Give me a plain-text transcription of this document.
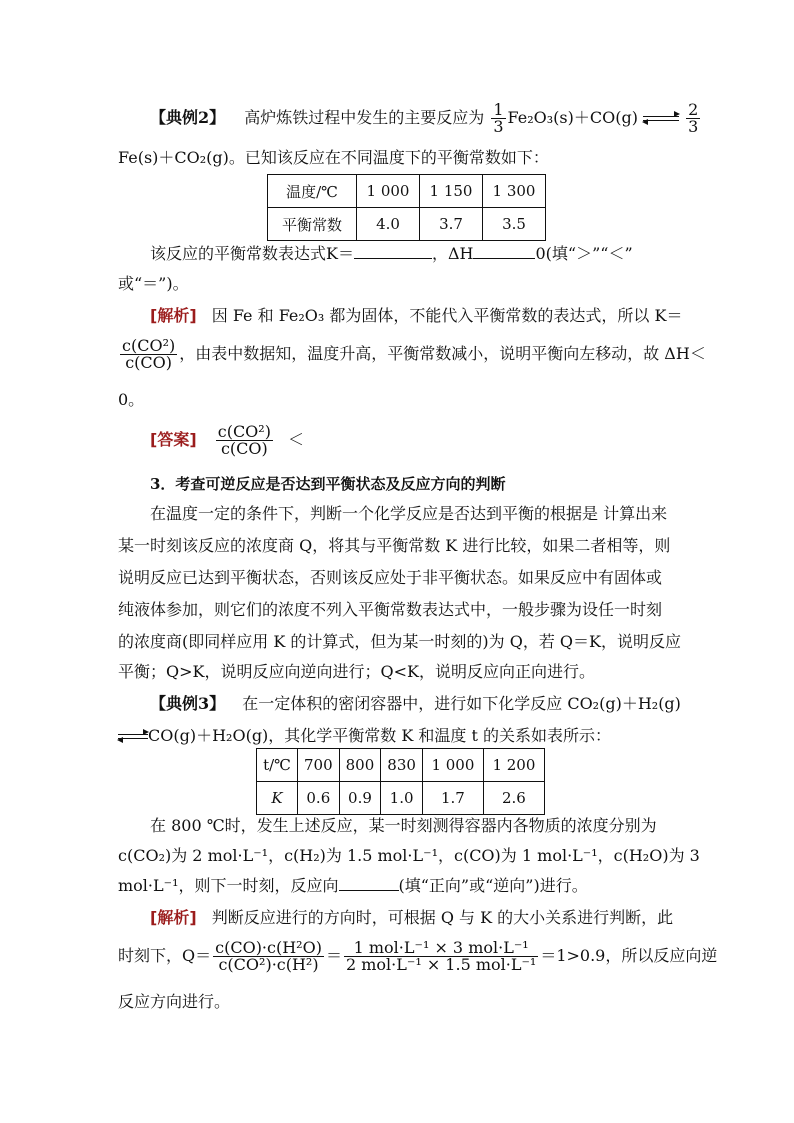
【典例2】 高炉炼铁过程中发生的主要反应为 $\frac{1}{3} Fe_2O_3(s)+CO(g)$
	$\frac{2}{3}$
Fe(s)＋CO₂(g)。已知该反应在不同温度下的平衡常数如下：
温度/℃	1 000	1 150	1 300
平衡常数	4.0	3.7	3.5
该反应的平衡常数表达式K＝	，ΔH	0(填“＞”“＜”
或“＝”)。
[解析] 因 Fe 和 Fe₂O₃ 都为固体，不能代入平衡常数的表达式，所以 K＝
$\frac{\text{c(CO²)}}{c(CO)}$ ，由表中数据知，温度升高，平衡常数减小，说明平衡向左移动，故 ΔH＜
0。
[答案] $\frac{\text{c(CO²)}}{c(CO)}$ ＜
3．考查可逆反应是否达到平衡状态及反应方向的判断
在温度一定的条件下，判断一个化学反应是否达到平衡的根据是 计算出来
某一时刻该反应的浓度商 Q，将其与平衡常数 K 进行比较，如果二者相等，则
说明反应已达到平衡状态，否则该反应处于非平衡状态。如果反应中有固体或
纯液体参加，则它们的浓度不列入平衡常数表达式中，一般步骤为设任一时刻
的浓度商(即同样应用 K 的计算式，但为某一时刻的)为 Q，若 Q＝K，说明反应
平衡；Q>K，说明反应向逆向进行；Q<K，说明反应向正向进行。
【典例3】 在一定体积的密闭容器中，进行如下化学反应 CO₂(g)＋H₂(g)
CO(g)＋H₂O(g)，其化学平衡常数 K 和温度 t 的关系如表所示：
t/℃	700	800	830	1 000	1 200
K	0.6	0.9	1.0	1.7	2.6
在 800 ℃时，发生上述反应，某一时刻测得容器内各物质的浓度分别为
c(CO₂)为 2 mol·L⁻¹，c(H₂)为 1.5 mol·L⁻¹，c(CO)为 1 mol·L⁻¹，c(H₂O)为 3
mol·L⁻¹，则下一时刻，反应向	(填“正向”或“逆向”)进行。
[解析] 判断反应进行的方向时，可根据 Q 与 K 的大小关系进行判断，此
时刻下，$Q= \frac{\text{c(CO)·c(H²O)}}{\text{c(CO²)·c(H²)}} = \frac{\text{1 mol·L⁻¹ × 3 mol·L⁻¹}}{\text{2 mol·L⁻¹ × 1.5 mol·L⁻¹}} =1>0.9$，所以反应向逆
反应方向进行。
